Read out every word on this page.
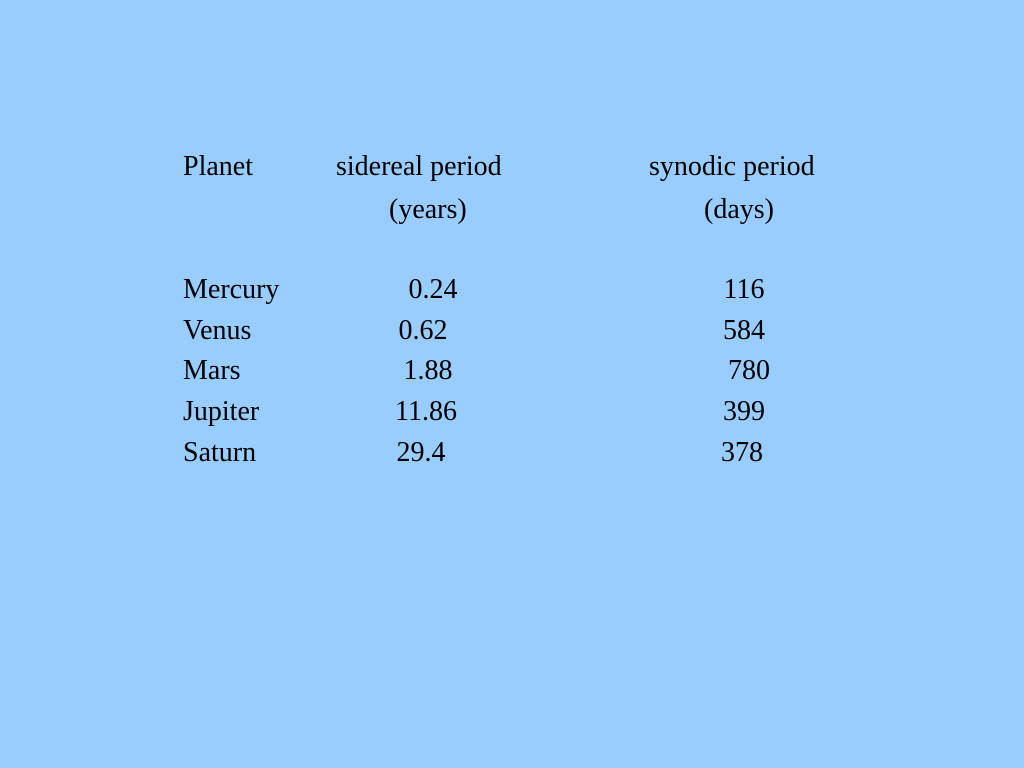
Planet	sidereal period	synodic period
(years)	(days)
Mercury	0.24	116
Venus	0.62	584
Mars	1.88	780
Jupiter	11.86	399
Saturn	29.4	378
